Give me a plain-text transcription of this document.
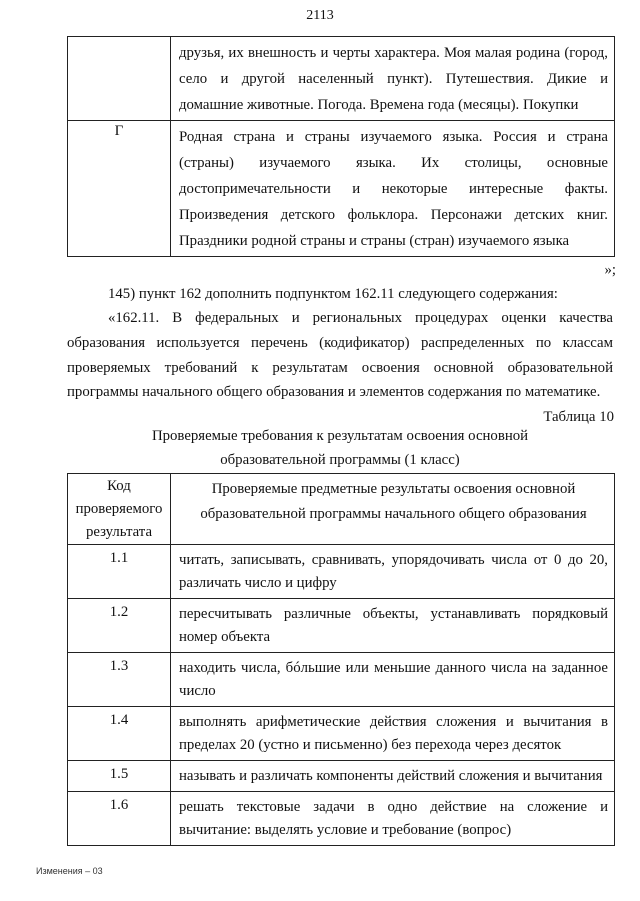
2113
	друзья, их внешность и черты характера. Моя малая родина (город, село и другой населенный пункт). Путешествия. Дикие и домашние животные. Погода. Времена года (месяцы). Покупки
Г	Родная страна и страны изучаемого языка. Россия и страна (страны) изучаемого языка. Их столицы, основные достопримечательности и некоторые интересные факты. Произведения детского фольклора. Персонажи детских книг. Праздники родной страны и страны (стран) изучаемого языка
»;
145) пункт 162 дополнить подпунктом 162.11 следующего содержания:
«162.11. В федеральных и региональных процедурах оценки качества
образования используется перечень (кодификатор) распределенных по классам
проверяемых требований к результатам освоения основной образовательной
программы начального общего образования и элементов содержания по математике.
Таблица 10
Проверяемые требования к результатам освоения основной
образовательной программы (1 класс)
Код проверяемого результата	Проверяемые предметные результаты освоения основной образовательной программы начального общего образования
1.1	читать, записывать, сравнивать, упорядочивать числа от 0 до 20, различать число и цифру
1.2	пересчитывать различные объекты, устанавливать порядковый номер объекта
1.3	находить числа, бóльшие или меньшие данного числа на заданное число
1.4	выполнять арифметические действия сложения и вычитания в пределах 20 (устно и письменно) без перехода через десяток
1.5	называть и различать компоненты действий сложения и вычитания
1.6	решать текстовые задачи в одно действие на сложение и вычитание: выделять условие и требование (вопрос)
Изменения – 03
